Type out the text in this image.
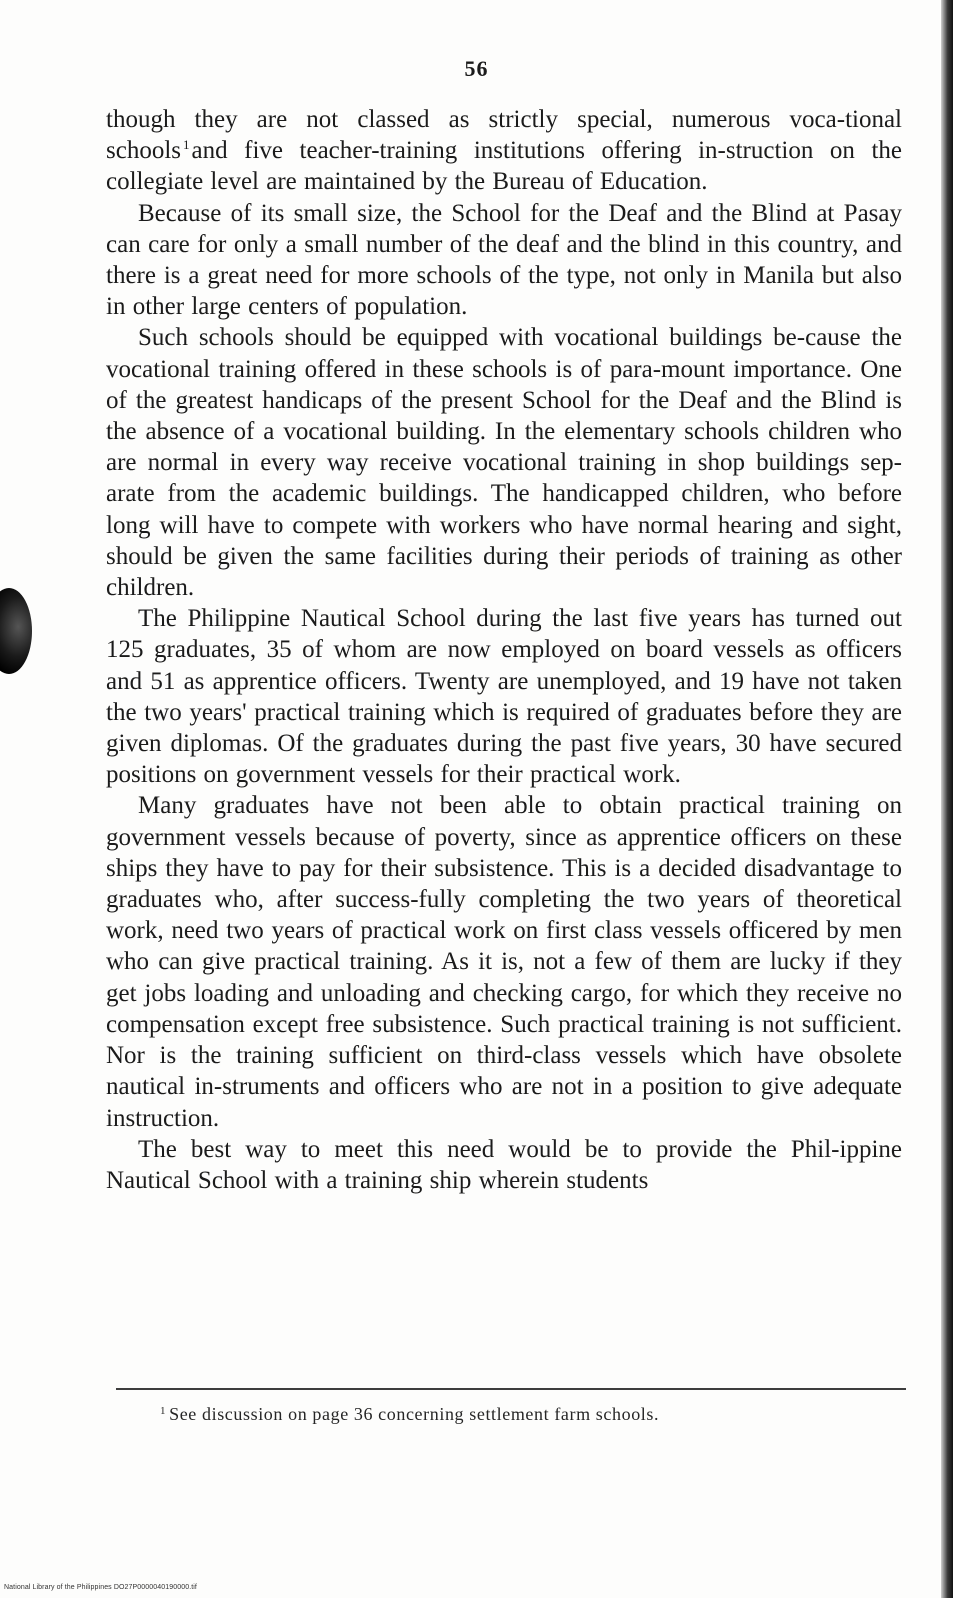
56

though they are not classed as strictly special, numerous voca-tional schools $^1$and five teacher-training institutions offering in-struction on the collegiate level are maintained by the Bureau of Education.

Because of its small size, the School for the Deaf and the Blind at Pasay can care for only a small number of the deaf and the blind in this country, and there is a great need for more schools of the type, not only in Manila but also in other large centers of population.

Such schools should be equipped with vocational buildings be-cause the vocational training offered in these schools is of para-mount importance. One of the greatest handicaps of the present School for the Deaf and the Blind is the absence of a vocational building. In the elementary schools children who are normal in every way receive vocational training in shop buildings sep-arate from the academic buildings. The handicapped children, who before long will have to compete with workers who have normal hearing and sight, should be given the same facilities during their periods of training as other children.

The Philippine Nautical School during the last five years has turned out 125 graduates, 35 of whom are now employed on board vessels as officers and 51 as apprentice officers. Twenty are unemployed, and 19 have not taken the two years' practical training which is required of graduates before they are given diplomas. Of the graduates during the past five years, 30 have secured positions on government vessels for their practical work.

Many graduates have not been able to obtain practical training on government vessels because of poverty, since as apprentice officers on these ships they have to pay for their subsistence. This is a decided disadvantage to graduates who, after success-fully completing the two years of theoretical work, need two years of practical work on first class vessels officered by men who can give practical training. As it is, not a few of them are lucky if they get jobs loading and unloading and checking cargo, for which they receive no compensation except free subsistence. Such practical training is not sufficient. Nor is the training sufficient on third-class vessels which have obsolete nautical in-struments and officers who are not in a position to give adequate instruction.

The best way to meet this need would be to provide the Phil-ippine Nautical School with a training ship wherein students

$^1$ See discussion on page 36 concerning settlement farm schools.
National Library of the Philippines DO27P0000040190000.tif
